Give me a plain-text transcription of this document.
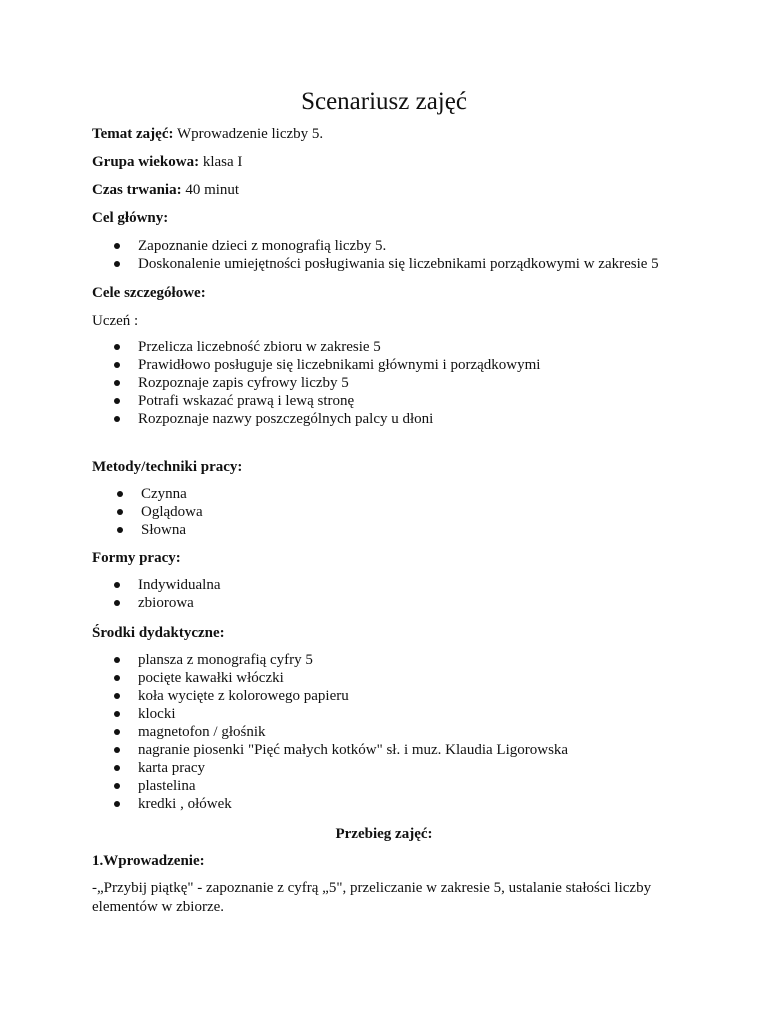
Scenariusz zajęć
Temat zajęć: Wprowadzenie liczby 5.
Grupa wiekowa: klasa I
Czas trwania: 40 minut
Cel główny:
Zapoznanie dzieci z monografią liczby 5.
Doskonalenie umiejętności posługiwania się liczebnikami porządkowymi w zakresie 5
Cele szczegółowe:
Uczeń :
Przelicza liczebność zbioru w zakresie 5
Prawidłowo posługuje się liczebnikami głównymi i porządkowymi
Rozpoznaje zapis cyfrowy liczby 5
Potrafi wskazać prawą i lewą stronę
Rozpoznaje nazwy poszczególnych palcy u dłoni
Metody/techniki pracy:
Czynna
Oglądowa
Słowna
Formy pracy:
Indywidualna
zbiorowa
Środki dydaktyczne:
plansza z monografią cyfry 5
pocięte kawałki włóczki
koła wycięte z kolorowego papieru
klocki
magnetofon / głośnik
nagranie piosenki "Pięć małych kotków" sł. i muz. Klaudia Ligorowska
karta pracy
plastelina
kredki , ołówek
Przebieg zajęć:
1.Wprowadzenie:
-„Przybij piątkę" - zapoznanie z cyfrą „5", przeliczanie w zakresie 5, ustalanie stałości liczby elementów w zbiorze.
